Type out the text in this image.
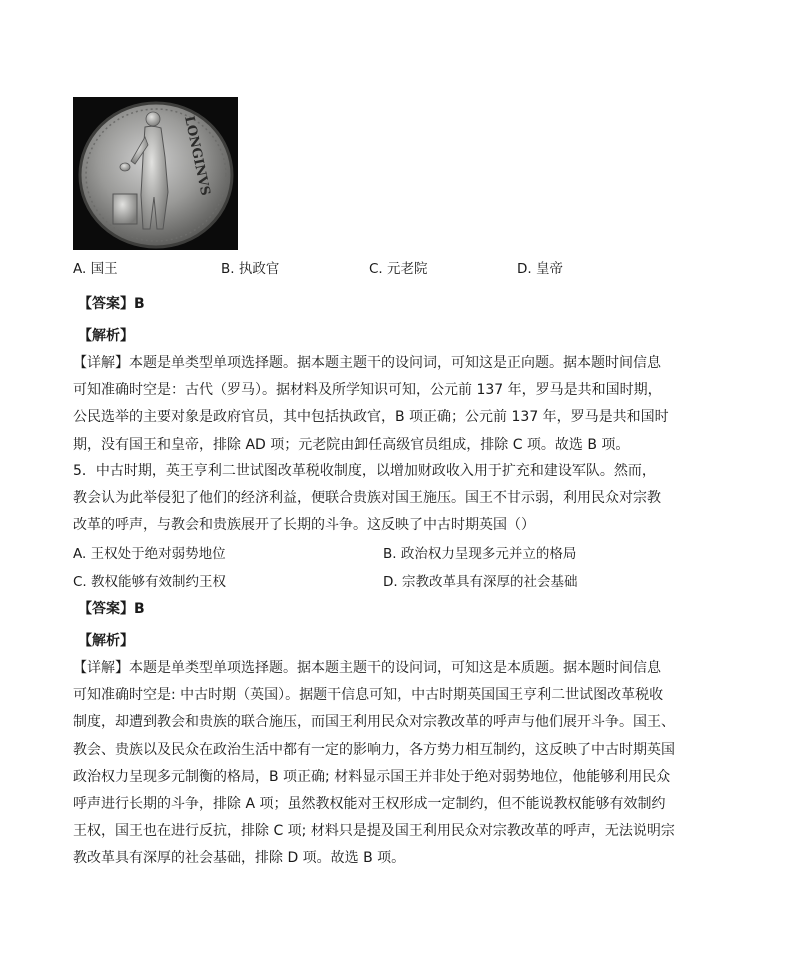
LONGINVS
A. 国王	B. 执政官	C. 元老院	D. 皇帝
【答案】B
【解析】
【详解】本题是单类型单项选择题。据本题主题干的设问词，可知这是正向题。据本题时间信息
可知准确时空是：古代（罗马）。据材料及所学知识可知，公元前 137 年，罗马是共和国时期，
公民选举的主要对象是政府官员，其中包括执政官，B 项正确；公元前 137 年，罗马是共和国时
期，没有国王和皇帝，排除 AD 项；元老院由卸任高级官员组成，排除 C 项。故选 B 项。
5．中古时期，英王亨利二世试图改革税收制度，以增加财政收入用于扩充和建设军队。然而，
教会认为此举侵犯了他们的经济利益，便联合贵族对国王施压。国王不甘示弱，利用民众对宗教
改革的呼声，与教会和贵族展开了长期的斗争。这反映了中古时期英国（）
A. 王权处于绝对弱势地位	B. 政治权力呈现多元并立的格局
C. 教权能够有效制约王权	D. 宗教改革具有深厚的社会基础
【答案】B
【解析】
【详解】本题是单类型单项选择题。据本题主题干的设问词，可知这是本质题。据本题时间信息
可知准确时空是: 中古时期（英国）。据题干信息可知，中古时期英国国王亨利二世试图改革税收
制度，却遭到教会和贵族的联合施压，而国王利用民众对宗教改革的呼声与他们展开斗争。国王、
教会、贵族以及民众在政治生活中都有一定的影响力，各方势力相互制约，这反映了中古时期英国
政治权力呈现多元制衡的格局，B 项正确; 材料显示国王并非处于绝对弱势地位，他能够利用民众
呼声进行长期的斗争，排除 A 项；虽然教权能对王权形成一定制约，但不能说教权能够有效制约
王权，国王也在进行反抗，排除 C 项; 材料只是提及国王利用民众对宗教改革的呼声，无法说明宗
教改革具有深厚的社会基础，排除 D 项。故选 B 项。
